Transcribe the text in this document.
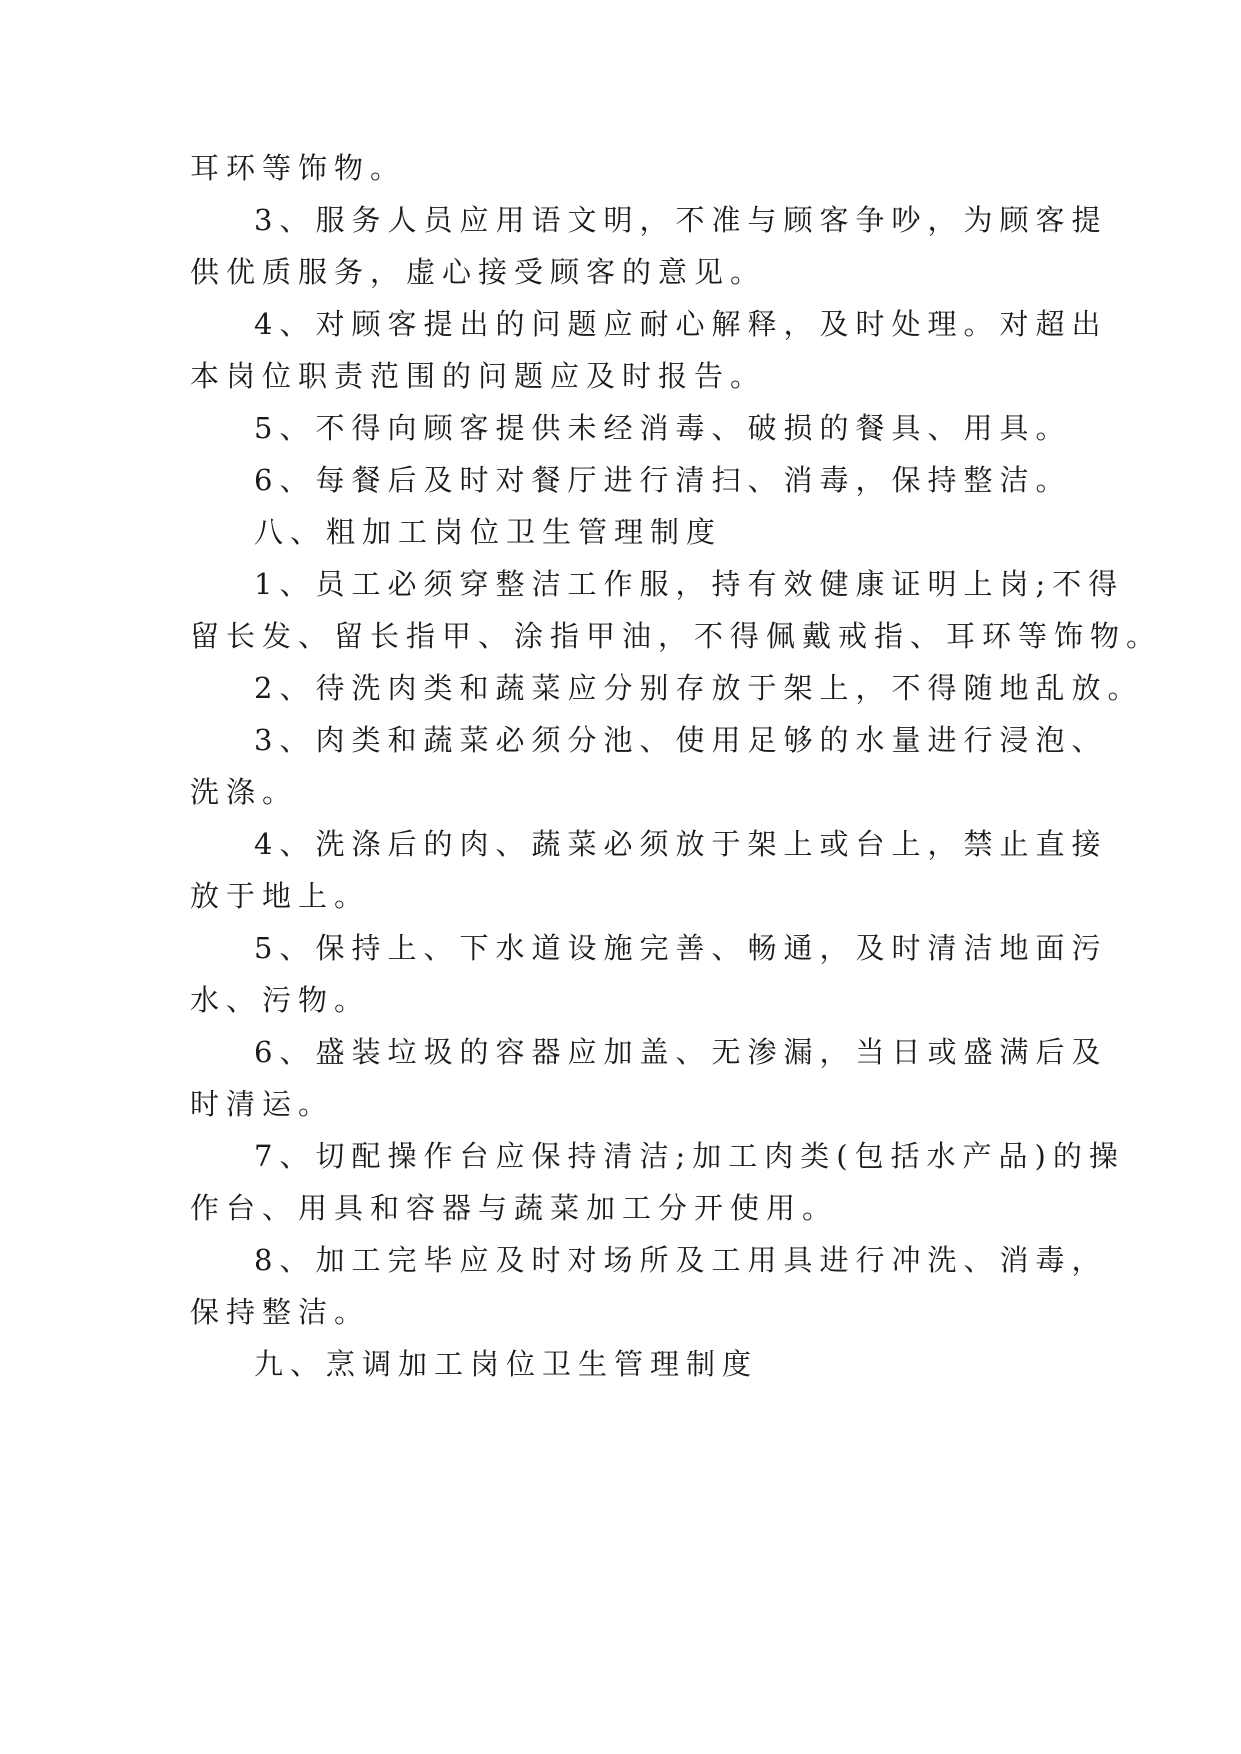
耳环等饰物。
3、服务人员应用语文明，不准与顾客争吵，为顾客提
供优质服务，虚心接受顾客的意见。
4、对顾客提出的问题应耐心解释，及时处理。对超出
本岗位职责范围的问题应及时报告。
5、不得向顾客提供未经消毒、破损的餐具、用具。
6、每餐后及时对餐厅进行清扫、消毒，保持整洁。
八、粗加工岗位卫生管理制度
1、员工必须穿整洁工作服，持有效健康证明上岗;不得
留长发、留长指甲、涂指甲油，不得佩戴戒指、耳环等饰物。
2、待洗肉类和蔬菜应分别存放于架上，不得随地乱放。
3、肉类和蔬菜必须分池、使用足够的水量进行浸泡、
洗涤。
4、洗涤后的肉、蔬菜必须放于架上或台上，禁止直接
放于地上。
5、保持上、下水道设施完善、畅通，及时清洁地面污
水、污物。
6、盛装垃圾的容器应加盖、无渗漏，当日或盛满后及
时清运。
7、切配操作台应保持清洁;加工肉类(包括水产品)的操
作台、用具和容器与蔬菜加工分开使用。
8、加工完毕应及时对场所及工用具进行冲洗、消毒，
保持整洁。
九、烹调加工岗位卫生管理制度
